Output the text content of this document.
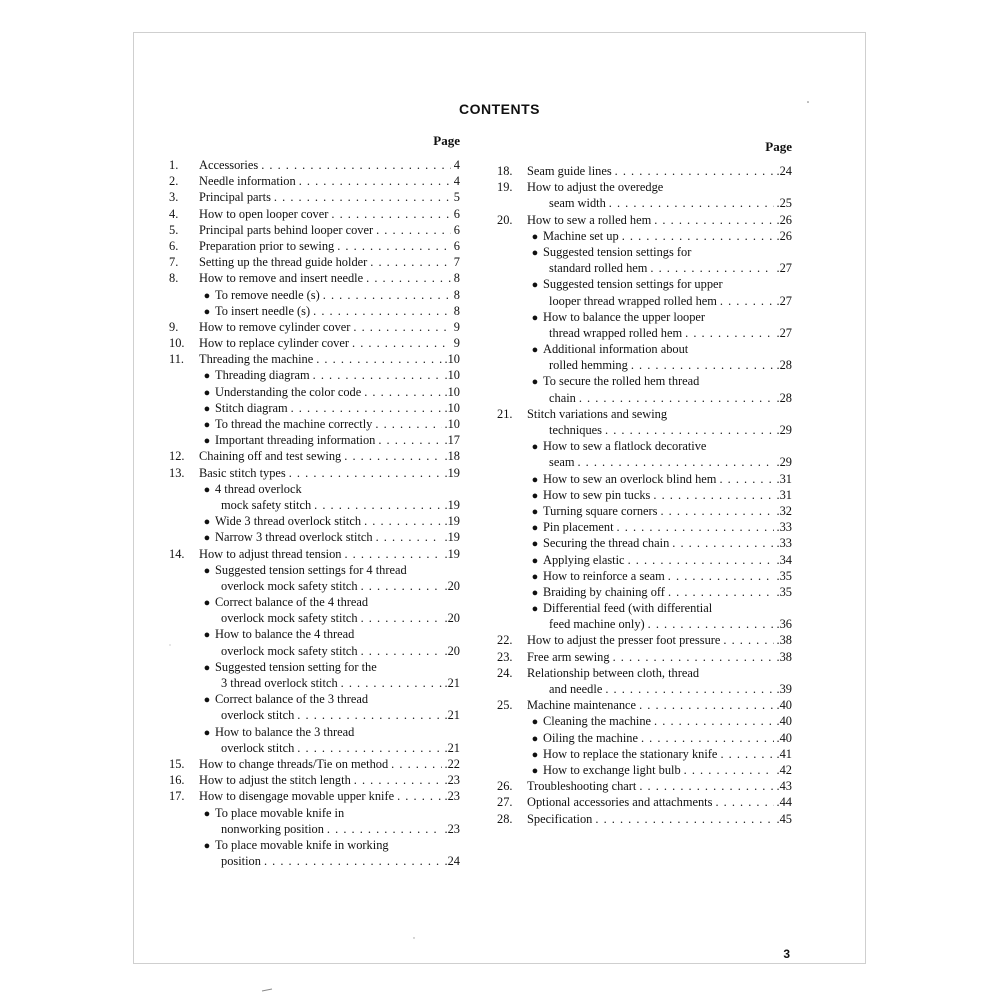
CONTENTS
Page
1.	Accessories . . .	4
2.	Needle information . . .	4
3.	Principal parts . . .	5
4.	How to open looper cover . . .	6
5.	Principal parts behind looper cover . . .	6
6.	Preparation prior to sewing . . .	6
7.	Setting up the thread guide holder . . .	7
8.	How to remove and insert needle . . .	8
● To remove needle (s) . . .	8
● To insert needle (s) . . .	8
9.	How to remove cylinder cover . . .	9
10.	How to replace cylinder cover . . .	9
11.	Threading the machine . . .	.10
● Threading diagram . . .	.10
● Understanding the color code . . .	.10
● Stitch diagram . . .	.10
● To thread the machine correctly . . .	.10
● Important threading information . . .	.17
12.	Chaining off and test sewing . . .	.18
13.	Basic stitch types . . .	.19
● 4 thread overlock
mock safety stitch . . .	.19
● Wide 3 thread overlock stitch . . .	.19
● Narrow 3 thread overlock stitch . . .	.19
14.	How to adjust thread tension . . .	.19
● Suggested tension settings for 4 thread
overlock mock safety stitch . . .	.20
● Correct balance of the 4 thread
overlock mock safety stitch . . .	.20
● How to balance the 4 thread
overlock mock safety stitch . . .	.20
● Suggested tension setting for the
3 thread overlock stitch . . .	.21
● Correct balance of the 3 thread
overlock stitch . . .	.21
● How to balance the 3 thread
overlock stitch . . .	.21
15.	How to change threads/Tie on method . . .	.22
16.	How to adjust the stitch length . . .	.23
17.	How to disengage movable upper knife . . .	.23
● To place movable knife in
nonworking position . . .	.23
● To place movable knife in working
position . . .	.24
Page
18.	Seam guide lines . . .	.24
19.	How to adjust the overedge
seam width . . .	.25
20.	How to sew a rolled hem . . .	.26
● Machine set up . . .	.26
● Suggested tension settings for
standard rolled hem . . .	.27
● Suggested tension settings for upper
looper thread wrapped rolled hem . . .	.27
● How to balance the upper looper
thread wrapped rolled hem . . .	.27
● Additional information about
rolled hemming . . .	.28
● To secure the rolled hem thread
chain . . .	.28
21.	Stitch variations and sewing
techniques . . .	.29
● How to sew a flatlock decorative
seam . . .	.29
● How to sew an overlock blind hem . . .	.31
● How to sew pin tucks . . .	.31
● Turning square corners . . .	.32
● Pin placement . . .	.33
● Securing the thread chain . . .	.33
● Applying elastic . . .	.34
● How to reinforce a seam . . .	.35
● Braiding by chaining off . . .	.35
● Differential feed (with differential
feed machine only) . . .	.36
22.	How to adjust the presser foot pressure . . .	.38
23.	Free arm sewing . . .	.38
24.	Relationship between cloth, thread
and needle . . .	.39
25.	Machine maintenance . . .	.40
● Cleaning the machine . . .	.40
● Oiling the machine . . .	.40
● How to replace the stationary knife . . .	.41
● How to exchange light bulb . . .	.42
26.	Troubleshooting chart . . .	.43
27.	Optional accessories and attachments . . .	.44
28.	Specification . . .	.45
3
